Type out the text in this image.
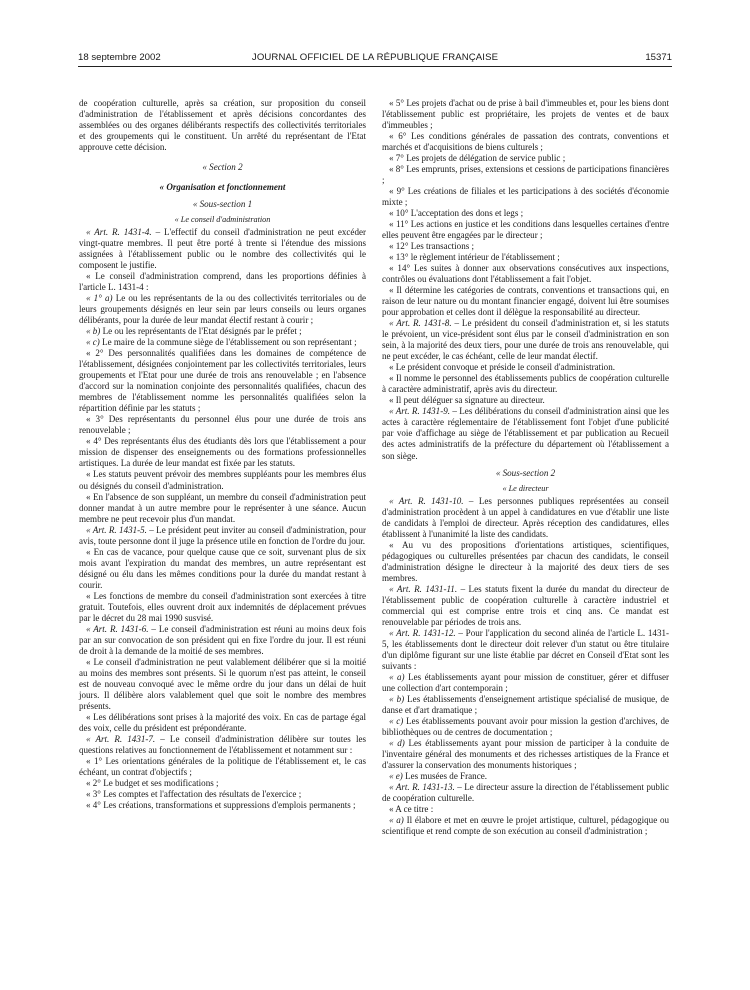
18 septembre 2002	JOURNAL OFFICIEL DE LA RÉPUBLIQUE FRANÇAISE	15371

de coopération culturelle, après sa création, sur proposition du conseil d'administration de l'établissement et après décisions concordantes des assemblées ou des organes délibérants respectifs des collectivités territoriales et des groupements qui le constituent. Un arrêté du représentant de l'Etat approuve cette décision.

« Section 2

« Organisation et fonctionnement

« Sous-section 1

« Le conseil d'administration

« Art. R. 1431-4. – L'effectif du conseil d'administration ne peut excéder vingt-quatre membres. Il peut être porté à trente si l'étendue des missions assignées à l'établissement public ou le nombre des collectivités qui le composent le justifie.

« Le conseil d'administration comprend, dans les proportions définies à l'article L. 1431-4 :

« 1° a) Le ou les représentants de la ou des collectivités territoriales ou de leurs groupements désignés en leur sein par leurs conseils ou leurs organes délibérants, pour la durée de leur mandat électif restant à courir ;

« b) Le ou les représentants de l'Etat désignés par le préfet ;

« c) Le maire de la commune siège de l'établissement ou son représentant ;

« 2° Des personnalités qualifiées dans les domaines de compétence de l'établissement, désignées conjointement par les collectivités territoriales, leurs groupements et l'Etat pour une durée de trois ans renouvelable ; en l'absence d'accord sur la nomination conjointe des personnalités qualifiées, chacun des membres de l'établissement nomme les personnalités qualifiées selon la répartition définie par les statuts ;

« 3° Des représentants du personnel élus pour une durée de trois ans renouvelable ;

« 4° Des représentants élus des étudiants dès lors que l'établissement a pour mission de dispenser des enseignements ou des formations professionnelles artistiques. La durée de leur mandat est fixée par les statuts.

« Les statuts peuvent prévoir des membres suppléants pour les membres élus ou désignés du conseil d'administration.

« En l'absence de son suppléant, un membre du conseil d'administration peut donner mandat à un autre membre pour le représenter à une séance. Aucun membre ne peut recevoir plus d'un mandat.

« Art. R. 1431-5. – Le président peut inviter au conseil d'administration, pour avis, toute personne dont il juge la présence utile en fonction de l'ordre du jour.

« En cas de vacance, pour quelque cause que ce soit, survenant plus de six mois avant l'expiration du mandat des membres, un autre représentant est désigné ou élu dans les mêmes conditions pour la durée du mandat restant à courir.

« Les fonctions de membre du conseil d'administration sont exercées à titre gratuit. Toutefois, elles ouvrent droit aux indemnités de déplacement prévues par le décret du 28 mai 1990 susvisé.

« Art. R. 1431-6. – Le conseil d'administration est réuni au moins deux fois par an sur convocation de son président qui en fixe l'ordre du jour. Il est réuni de droit à la demande de la moitié de ses membres.

« Le conseil d'administration ne peut valablement délibérer que si la moitié au moins des membres sont présents. Si le quorum n'est pas atteint, le conseil est de nouveau convoqué avec le même ordre du jour dans un délai de huit jours. Il délibère alors valablement quel que soit le nombre des membres présents.

« Les délibérations sont prises à la majorité des voix. En cas de partage égal des voix, celle du président est prépondérante.

« Art. R. 1431-7. – Le conseil d'administration délibère sur toutes les questions relatives au fonctionnement de l'établissement et notamment sur :

« 1° Les orientations générales de la politique de l'établissement et, le cas échéant, un contrat d'objectifs ;

« 2° Le budget et ses modifications ;

« 3° Les comptes et l'affectation des résultats de l'exercice ;

« 4° Les créations, transformations et suppressions d'emplois permanents ;

« 5° Les projets d'achat ou de prise à bail d'immeubles et, pour les biens dont l'établissement public est propriétaire, les projets de ventes et de baux d'immeubles ;

« 6° Les conditions générales de passation des contrats, conventions et marchés et d'acquisitions de biens culturels ;

« 7° Les projets de délégation de service public ;

« 8° Les emprunts, prises, extensions et cessions de participations financières ;

« 9° Les créations de filiales et les participations à des sociétés d'économie mixte ;

« 10° L'acceptation des dons et legs ;

« 11° Les actions en justice et les conditions dans lesquelles certaines d'entre elles peuvent être engagées par le directeur ;

« 12° Les transactions ;

« 13° le règlement intérieur de l'établissement ;

« 14° Les suites à donner aux observations consécutives aux inspections, contrôles ou évaluations dont l'établissement a fait l'objet.

« Il détermine les catégories de contrats, conventions et transactions qui, en raison de leur nature ou du montant financier engagé, doivent lui être soumises pour approbation et celles dont il délègue la responsabilité au directeur.

« Art. R. 1431-8. – Le président du conseil d'administration et, si les statuts le prévoient, un vice-président sont élus par le conseil d'administration en son sein, à la majorité des deux tiers, pour une durée de trois ans renouvelable, qui ne peut excéder, le cas échéant, celle de leur mandat électif.

« Le président convoque et préside le conseil d'administration.

« Il nomme le personnel des établissements publics de coopération culturelle à caractère administratif, après avis du directeur.

« Il peut déléguer sa signature au directeur.

« Art. R. 1431-9. – Les délibérations du conseil d'administration ainsi que les actes à caractère réglementaire de l'établissement font l'objet d'une publicité par voie d'affichage au siège de l'établissement et par publication au Recueil des actes administratifs de la préfecture du département où l'établissement a son siège.

« Sous-section 2

« Le directeur

« Art. R. 1431-10. – Les personnes publiques représentées au conseil d'administration procèdent à un appel à candidatures en vue d'établir une liste de candidats à l'emploi de directeur. Après réception des candidatures, elles établissent à l'unanimité la liste des candidats.

« Au vu des propositions d'orientations artistiques, scientifiques, pédagogiques ou culturelles présentées par chacun des candidats, le conseil d'administration désigne le directeur à la majorité des deux tiers de ses membres.

« Art. R. 1431-11. – Les statuts fixent la durée du mandat du directeur de l'établissement public de coopération culturelle à caractère industriel et commercial qui est comprise entre trois et cinq ans. Ce mandat est renouvelable par périodes de trois ans.

« Art. R. 1431-12. – Pour l'application du second alinéa de l'article L. 1431-5, les établissements dont le directeur doit relever d'un statut ou être titulaire d'un diplôme figurant sur une liste établie par décret en Conseil d'Etat sont les suivants :

« a) Les établissements ayant pour mission de constituer, gérer et diffuser une collection d'art contemporain ;

« b) Les établissements d'enseignement artistique spécialisé de musique, de danse et d'art dramatique ;

« c) Les établissements pouvant avoir pour mission la gestion d'archives, de bibliothèques ou de centres de documentation ;

« d) Les établissements ayant pour mission de participer à la conduite de l'inventaire général des monuments et des richesses artistiques de la France et d'assurer la conservation des monuments historiques ;

« e) Les musées de France.

« Art. R. 1431-13. – Le directeur assure la direction de l'établissement public de coopération culturelle.

« A ce titre :

« a) Il élabore et met en œuvre le projet artistique, culturel, pédagogique ou scientifique et rend compte de son exécution au conseil d'administration ;
